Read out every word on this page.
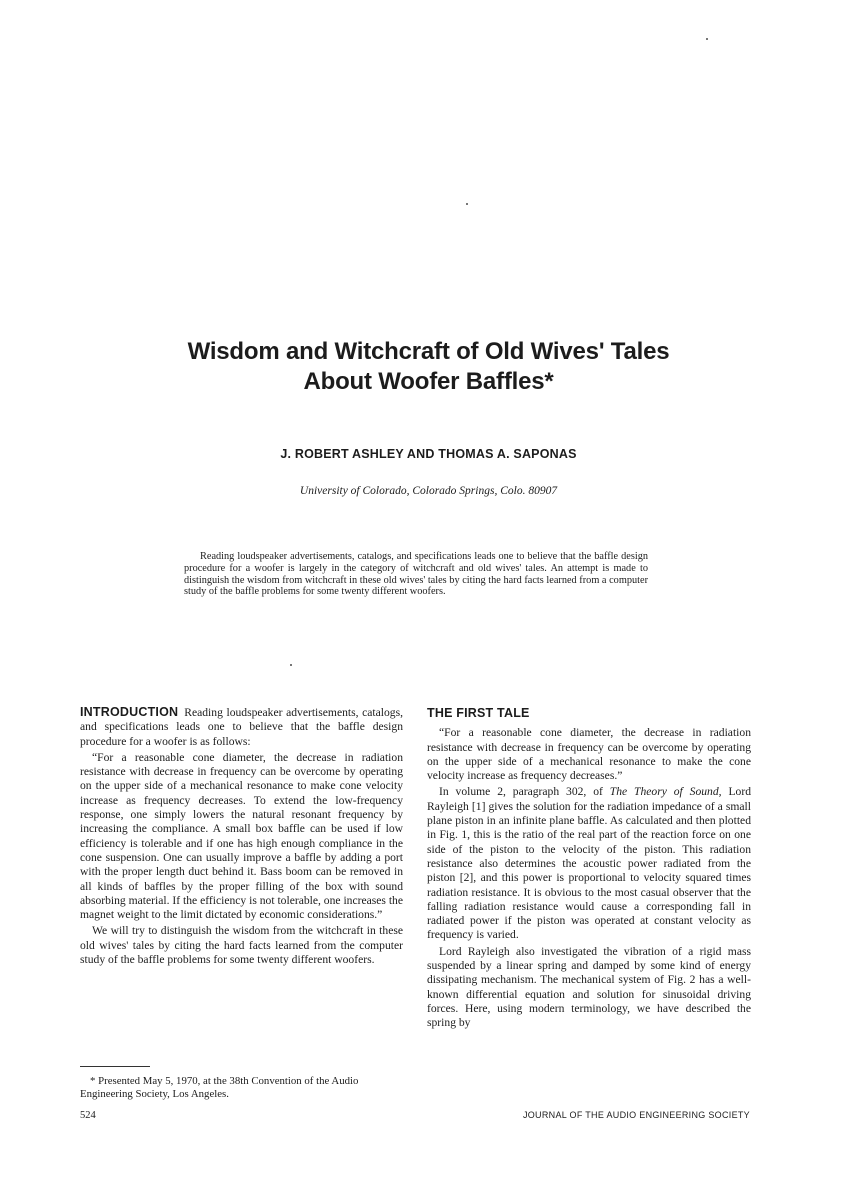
Wisdom and Witchcraft of Old Wives' Tales
About Woofer Baffles*
J. ROBERT ASHLEY AND THOMAS A. SAPONAS
University of Colorado, Colorado Springs, Colo. 80907
Reading loudspeaker advertisements, catalogs, and specifications leads one to believe that the baffle design procedure for a woofer is largely in the category of witchcraft and old wives' tales. An attempt is made to distinguish the wisdom from witchcraft in these old wives' tales by citing the hard facts learned from a computer study of the baffle problems for some twenty different woofers.

INTRODUCTION Reading loudspeaker advertisements, catalogs, and specifications leads one to believe that the baffle design procedure for a woofer is as follows:

“For a reasonable cone diameter, the decrease in radiation resistance with decrease in frequency can be overcome by operating on the upper side of a mechanical resonance to make cone velocity increase as frequency decreases. To extend the low-frequency response, one simply lowers the natural resonant frequency by increasing the compliance. A small box baffle can be used if low efficiency is tolerable and if one has high enough compliance in the cone suspension. One can usually improve a baffle by adding a port with the proper length duct behind it. Bass boom can be removed in all kinds of baffles by the proper filling of the box with sound absorbing material. If the efficiency is not tolerable, one increases the magnet weight to the limit dictated by economic considerations.”

We will try to distinguish the wisdom from the witchcraft in these old wives' tales by citing the hard facts learned from the computer study of the baffle problems for some twenty different woofers.

* Presented May 5, 1970, at the 38th Convention of the Audio Engineering Society, Los Angeles.
THE FIRST TALE

“For a reasonable cone diameter, the decrease in radiation resistance with decrease in frequency can be overcome by operating on the upper side of a mechanical resonance to make the cone velocity increase as frequency decreases.”

In volume 2, paragraph 302, of The Theory of Sound, Lord Rayleigh [1] gives the solution for the radiation impedance of a small plane piston in an infinite plane baffle. As calculated and then plotted in Fig. 1, this is the ratio of the real part of the reaction force on one side of the piston to the velocity of the piston. This radiation resistance also determines the acoustic power radiated from the piston [2], and this power is proportional to velocity squared times radiation resistance. It is obvious to the most casual observer that the falling radiation resistance would cause a corresponding fall in radiated power if the piston was operated at constant velocity as frequency is varied.

Lord Rayleigh also investigated the vibration of a rigid mass suspended by a linear spring and damped by some kind of energy dissipating mechanism. The mechanical system of Fig. 2 has a well-known differential equation and solution for sinusoidal driving forces. Here, using modern terminology, we have described the spring by

524	JOURNAL OF THE AUDIO ENGINEERING SOCIETY
